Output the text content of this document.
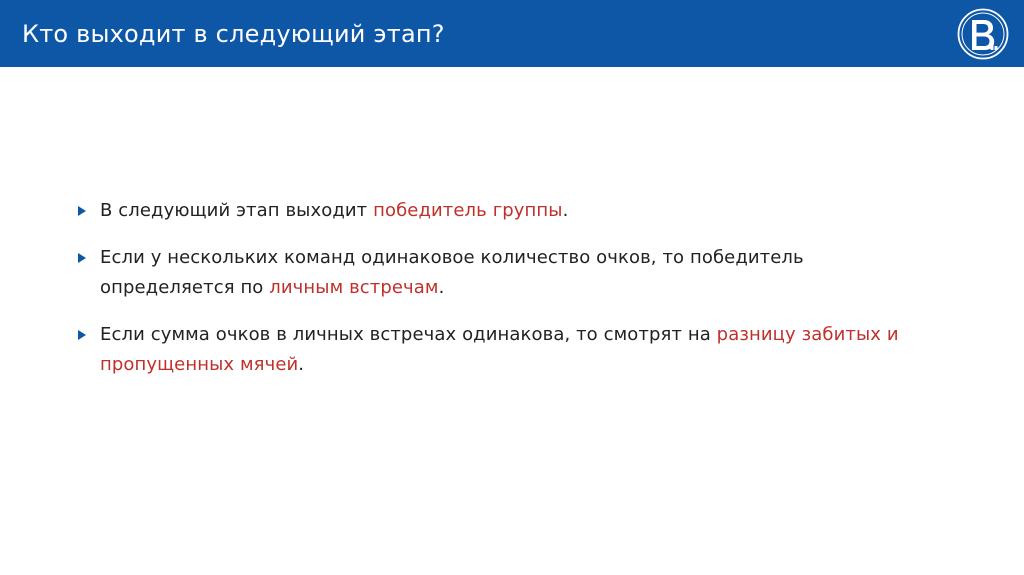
Кто выходит в следующий этап?
В следующий этап выходит победитель группы.
Если у нескольких команд одинаковое количество очков, то победитель определяется по личным встречам.
Если сумма очков в личных встречах одинакова, то смотрят на разницу забитых и пропущенных мячей.
